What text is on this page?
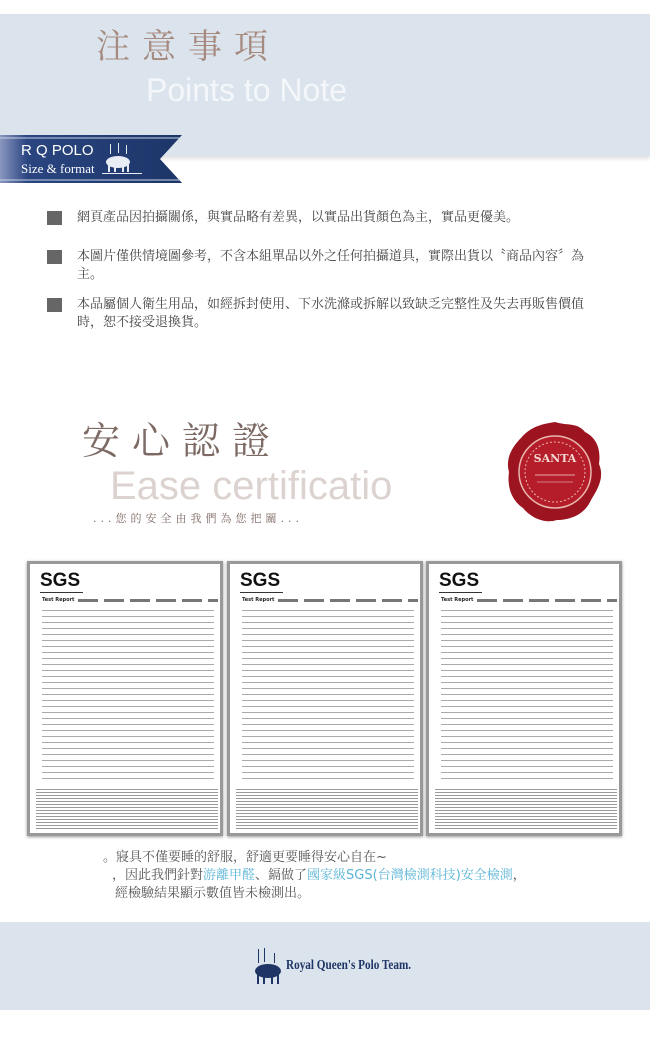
注意事項
Points to Note
R Q POLO
Size & format
網頁產品因拍攝關係，與實品略有差異，以實品出貨顏色為主，實品更優美。
本圖片僅供情境圖參考，不含本組單品以外之任何拍攝道具，實際出貨以〝商品內容〞為主。
本品屬個人衛生用品，如經拆封使用、下水洗滌或拆解以致缺乏完整性及失去再販售價值時，恕不接受退換貨。
安心認證
Ease certificatio
...您的安全由我們為您把關...
SANTA
SGS
Test Report
SGS
Test Report
SGS
Test Report
。寢具不僅要睡的舒服，舒適更要睡得安心自在~
，因此我們針對游離甲醛、鎘做了國家級SGS(台灣檢測科技)安全檢測，
經檢驗結果顯示數值皆未檢測出。
Royal Queen's Polo Team.
